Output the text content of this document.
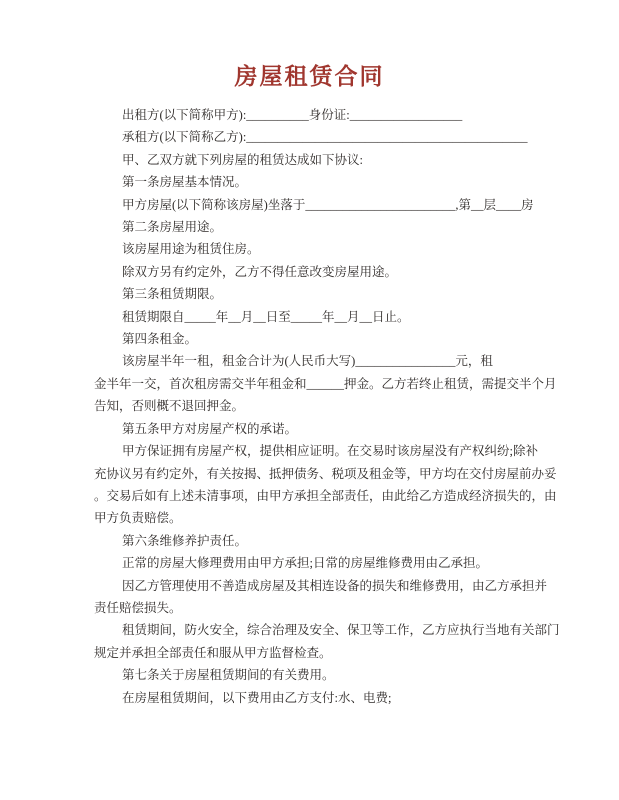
房屋租赁合同

出租方(以下简称甲方):__________身份证:__________________

承租方(以下简称乙方):_____________________________________________

甲、乙双方就下列房屋的租赁达成如下协议:

第一条房屋基本情况。

甲方房屋(以下简称该房屋)坐落于________________________,第__层____房

第二条房屋用途。

该房屋用途为租赁住房。

除双方另有约定外，乙方不得任意改变房屋用途。

第三条租赁期限。

租赁期限自_____年__月__日至_____年__月__日止。

第四条租金。

该房屋半年一租，租金合计为(人民币大写)________________元，租

金半年一交，首次租房需交半年租金和______押金。乙方若终止租赁，需提交半个月

告知，否则概不退回押金。

第五条甲方对房屋产权的承诺。

甲方保证拥有房屋产权，提供相应证明。在交易时该房屋没有产权纠纷;除补

充协议另有约定外，有关按揭、抵押债务、税项及租金等，甲方均在交付房屋前办妥

。交易后如有上述未清事项，由甲方承担全部责任，由此给乙方造成经济损失的，由

甲方负责赔偿。

第六条维修养护责任。

正常的房屋大修理费用由甲方承担;日常的房屋维修费用由乙承担。

因乙方管理使用不善造成房屋及其相连设备的损失和维修费用，由乙方承担并

责任赔偿损失。

租赁期间，防火安全，综合治理及安全、保卫等工作，乙方应执行当地有关部门

规定并承担全部责任和服从甲方监督检查。

第七条关于房屋租赁期间的有关费用。

在房屋租赁期间，以下费用由乙方支付:水、电费;
